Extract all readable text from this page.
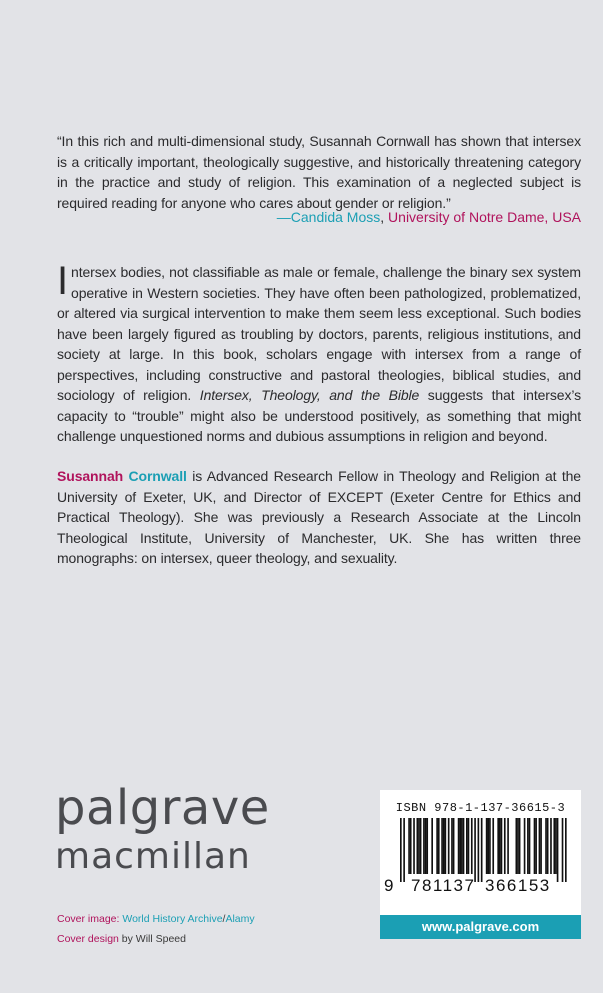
“In this rich and multi-dimensional study, Susannah Cornwall has shown that intersex is a critically important, theologically suggestive, and historically threatening category in the practice and study of religion. This examination of a neglected subject is required reading for anyone who cares about gender or religion.”
—Candida Moss, University of Notre Dame, USA
Intersex bodies, not classifiable as male or female, challenge the binary sex system operative in Western societies. They have often been pathologized, problematized, or altered via surgical intervention to make them seem less exceptional. Such bodies have been largely figured as troubling by doctors, parents, religious institutions, and society at large. In this book, scholars engage with intersex from a range of perspectives, including constructive and pastoral theologies, biblical studies, and sociology of religion. Intersex, Theology, and the Bible suggests that intersex’s capacity to “trouble” might also be understood positively, as something that might challenge unquestioned norms and dubious assumptions in religion and beyond.
Susannah Cornwall is Advanced Research Fellow in Theology and Religion at the University of Exeter, UK, and Director of EXCEPT (Exeter Centre for Ethics and Practical Theology). She was previously a Research Associate at the Lincoln Theological Institute, University of Manchester, UK. She has written three monographs: on intersex, queer theology, and sexuality.
palgrave
macmillan
Cover image: World History Archive/Alamy
Cover design by Will Speed
ISBN 978-1-137-36615-3
9 781137 366153
www.palgrave.com
